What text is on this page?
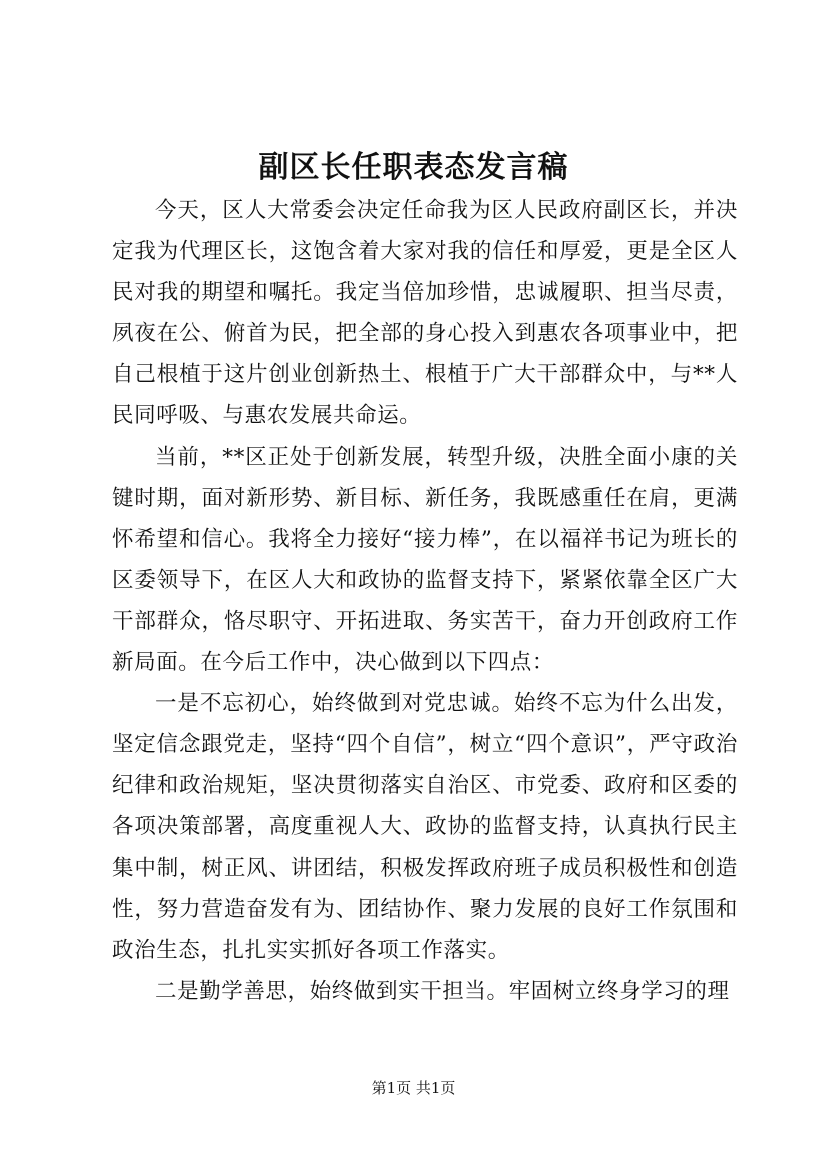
副区长任职表态发言稿

今天，区人大常委会决定任命我为区人民政府副区长，并决定我为代理区长，这饱含着大家对我的信任和厚爱，更是全区人民对我的期望和嘱托。我定当倍加珍惜，忠诚履职、担当尽责，夙夜在公、俯首为民，把全部的身心投入到惠农各项事业中，把自己根植于这片创业创新热土、根植于广大干部群众中，与**人民同呼吸、与惠农发展共命运。

当前，**区正处于创新发展，转型升级，决胜全面小康的关键时期，面对新形势、新目标、新任务，我既感重任在肩，更满怀希望和信心。我将全力接好“接力棒”，在以福祥书记为班长的区委领导下，在区人大和政协的监督支持下，紧紧依靠全区广大干部群众，恪尽职守、开拓进取、务实苦干，奋力开创政府工作新局面。在今后工作中，决心做到以下四点：

一是不忘初心，始终做到对党忠诚。始终不忘为什么出发，坚定信念跟党走，坚持“四个自信”，树立“四个意识”，严守政治纪律和政治规矩，坚决贯彻落实自治区、市党委、政府和区委的各项决策部署，高度重视人大、政协的监督支持，认真执行民主集中制，树正风、讲团结，积极发挥政府班子成员积极性和创造性，努力营造奋发有为、团结协作、聚力发展的良好工作氛围和政治生态，扎扎实实抓好各项工作落实。

二是勤学善思，始终做到实干担当。牢固树立终身学习的理

第1页 共1页
